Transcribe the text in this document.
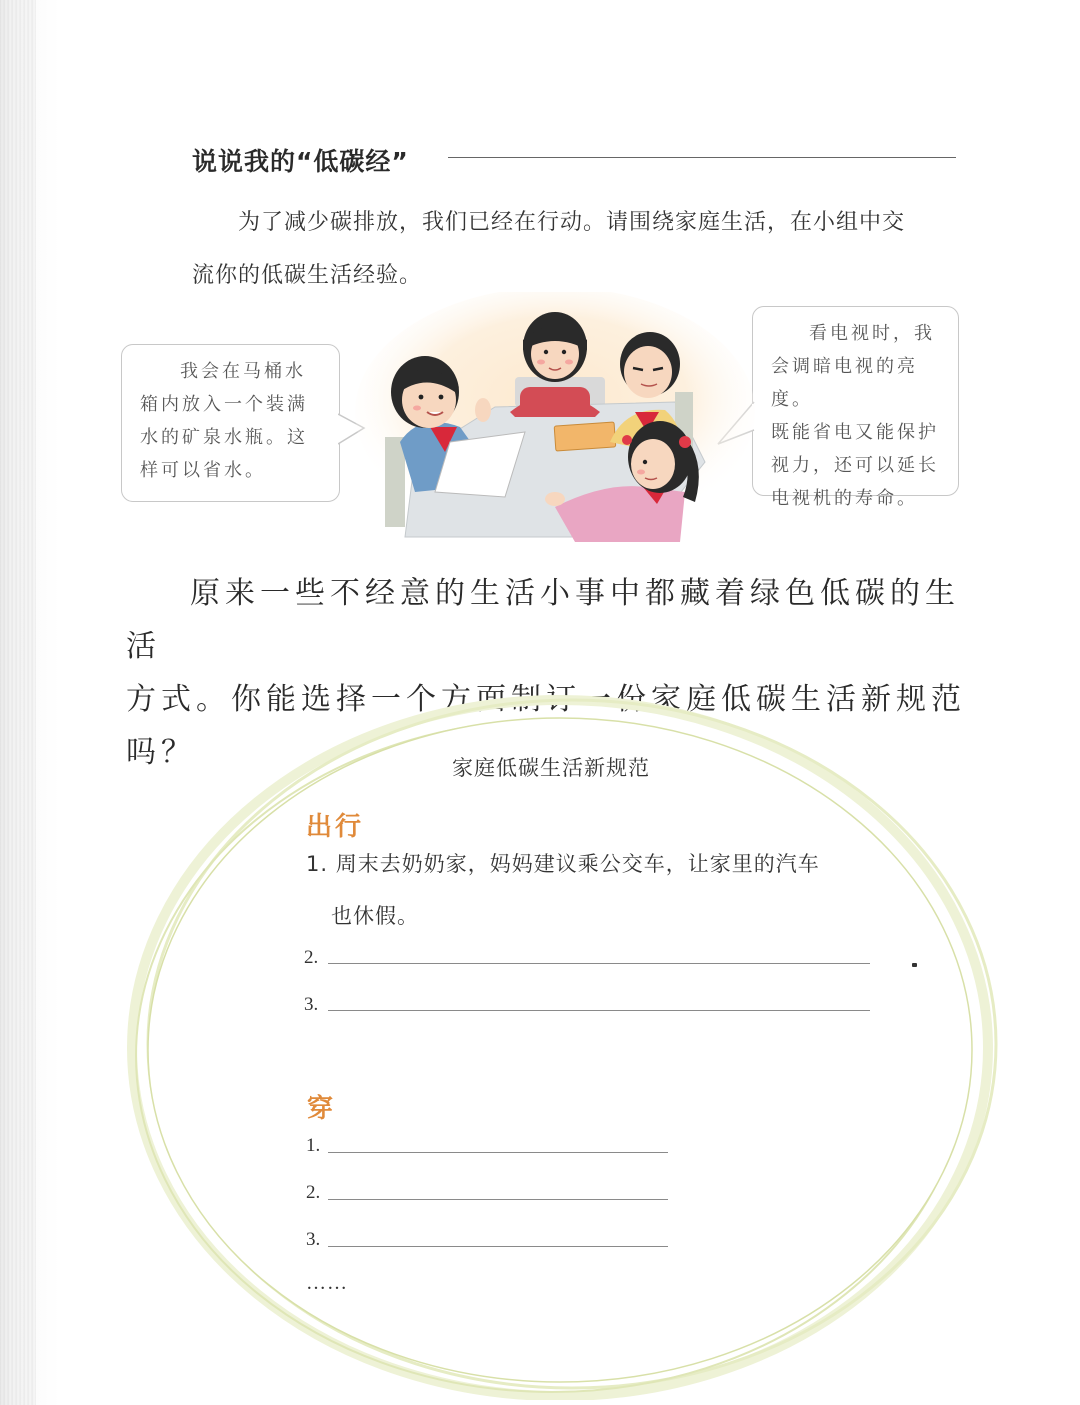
说说我的“低碳经”
为了减少碳排放，我们已经在行动。请围绕家庭生活，在小组中交
流你的低碳生活经验。
我会在马桶水
箱内放入一个装满
水的矿泉水瓶。这
样可以省水。
看电视时，我
会调暗电视的亮度。
既能省电又能保护
视力，还可以延长
电视机的寿命。
原来一些不经意的生活小事中都藏着绿色低碳的生活
方式。你能选择一个方面制订一份家庭低碳生活新规范吗？	家庭低碳生活新规范
出行
1. 周末去奶奶家，妈妈建议乘公交车，让家里的汽车
也休假。
2.
3.
穿
1.
2.
3.
……
